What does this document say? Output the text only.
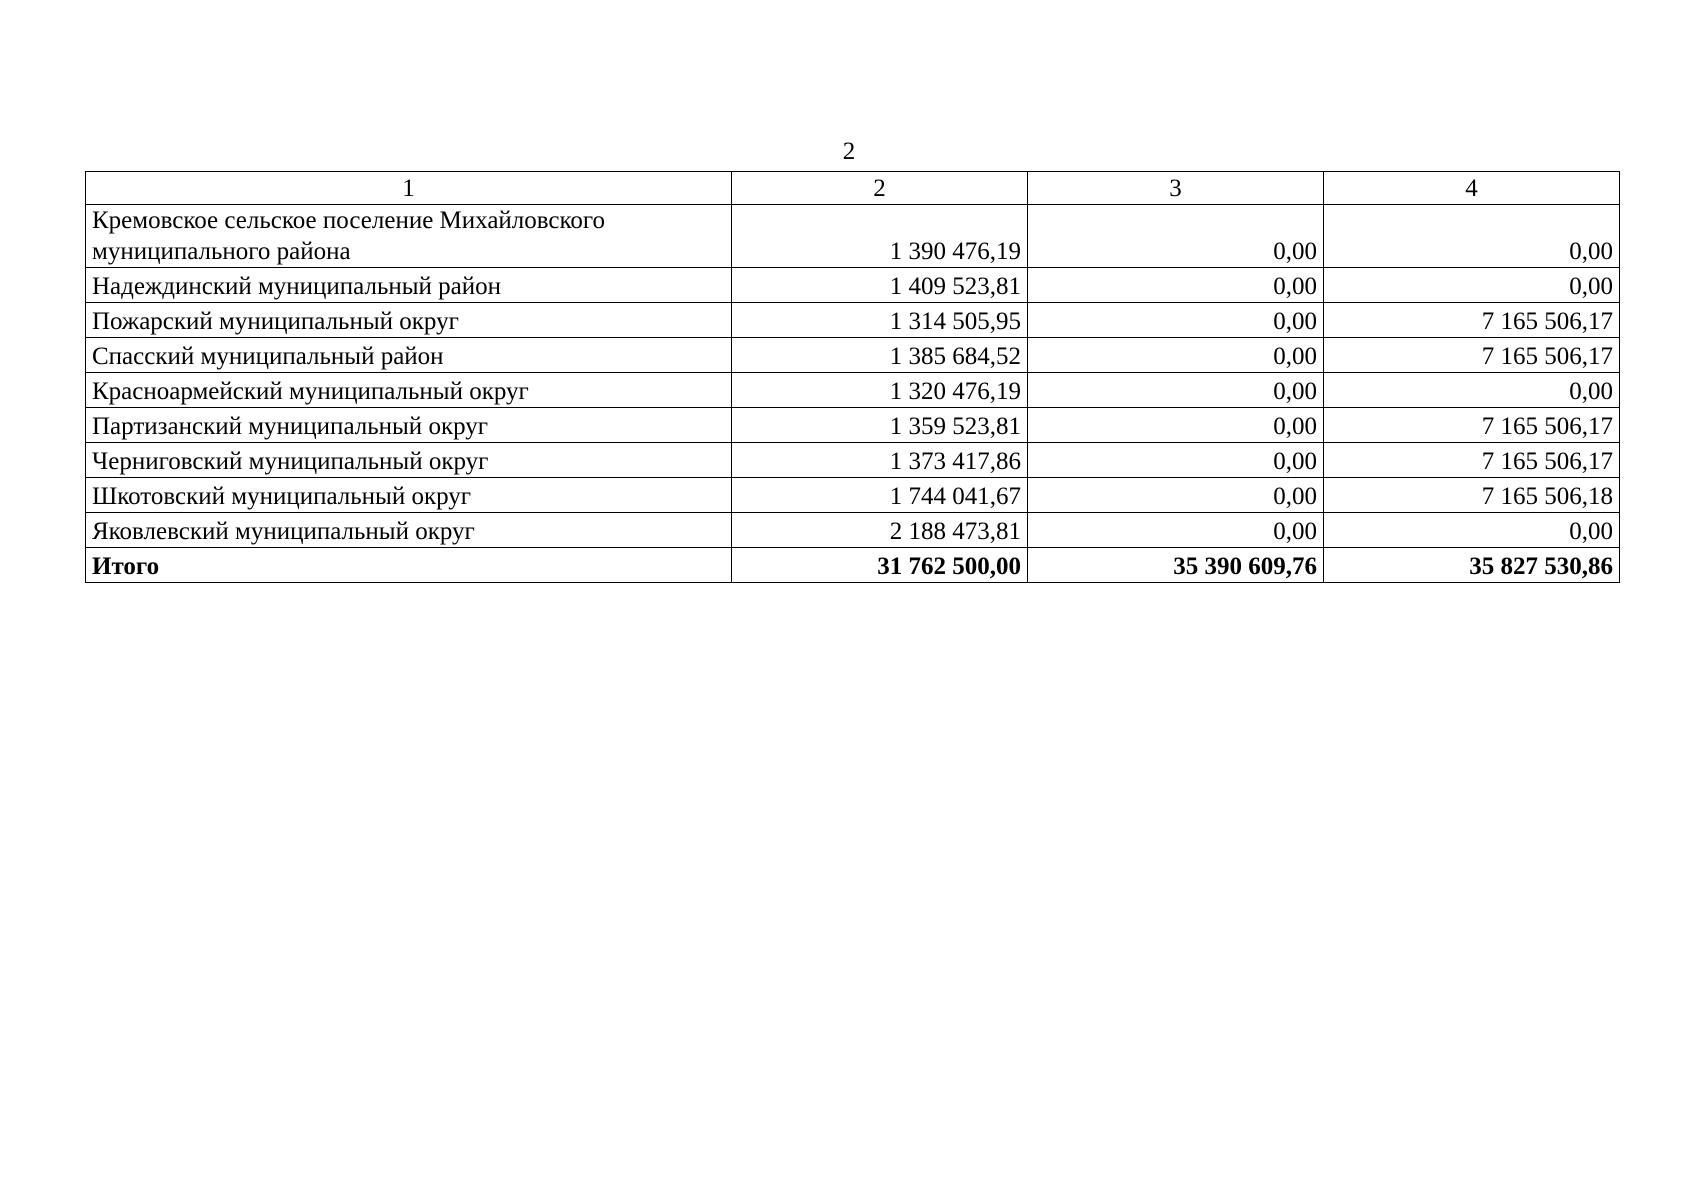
2
1	2	3	4
Кремовское сельское поселение Михайловского муниципального района	1 390 476,19	0,00	0,00
Надеждинский муниципальный район	1 409 523,81	0,00	0,00
Пожарский муниципальный округ	1 314 505,95	0,00	7 165 506,17
Спасский муниципальный район	1 385 684,52	0,00	7 165 506,17
Красноармейский муниципальный округ	1 320 476,19	0,00	0,00
Партизанский муниципальный округ	1 359 523,81	0,00	7 165 506,17
Черниговский муниципальный округ	1 373 417,86	0,00	7 165 506,17
Шкотовский муниципальный округ	1 744 041,67	0,00	7 165 506,18
Яковлевский муниципальный округ	2 188 473,81	0,00	0,00
Итого	31 762 500,00	35 390 609,76	35 827 530,86
